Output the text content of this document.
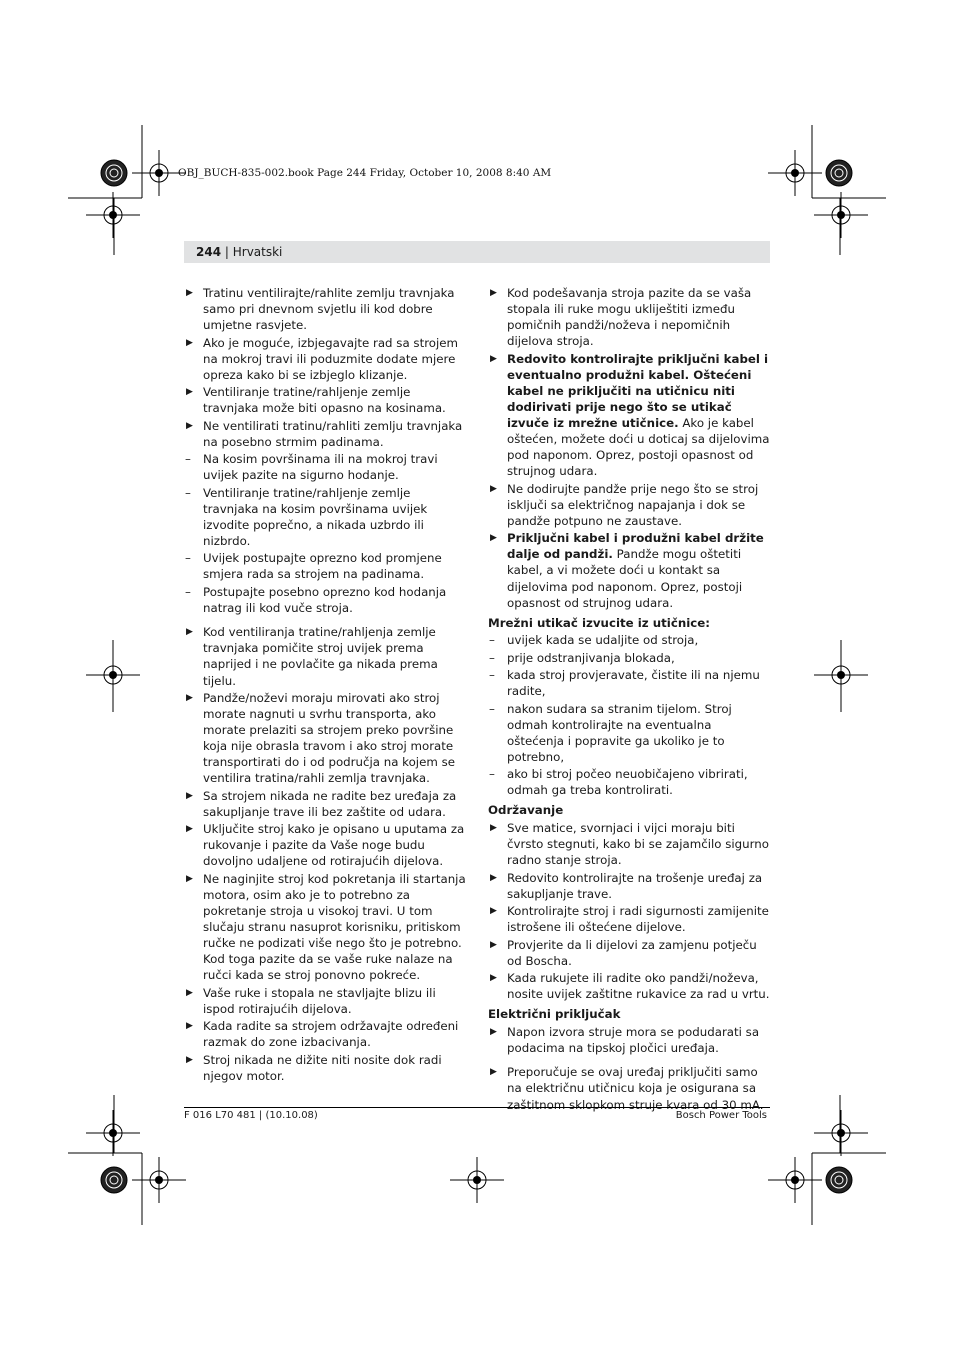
OBJ_BUCH-835-002.book Page 244 Friday, October 10, 2008 8:40 AM
244 | Hrvatski
▶ Tratinu ventilirajte/rahlite zemlju travnjaka samo pri dnevnom svjetlu ili kod dobre umjetne rasvjete.
▶ Ako je moguće, izbjegavajte rad sa strojem na mokroj travi ili poduzmite dodate mjere opreza kako bi se izbjeglo klizanje.
▶ Ventiliranje tratine/rahljenje zemlje travnjaka može biti opasno na kosinama.
▶ Ne ventilirati tratinu/rahliti zemlju travnjaka na posebno strmim padinama.
– Na kosim površinama ili na mokroj travi uvijek pazite na sigurno hodanje.
– Ventiliranje tratine/rahljenje zemlje travnjaka na kosim površinama uvijek izvodite poprečno, a nikada uzbrdo ili nizbrdo.
– Uvijek postupajte oprezno kod promjene smjera rada sa strojem na padinama.
– Postupajte posebno oprezno kod hodanja natrag ili kod vuče stroja.
▶ Kod ventiliranja tratine/rahljenja zemlje travnjaka pomičite stroj uvijek prema naprijed i ne povlačite ga nikada prema tijelu.
▶ Pandže/noževi moraju mirovati ako stroj morate nagnuti u svrhu transporta, ako morate prelaziti sa strojem preko površine koja nije obrasla travom i ako stroj morate transportirati do i od područja na kojem se ventilira tratina/rahli zemlja travnjaka.
▶ Sa strojem nikada ne radite bez uređaja za sakupljanje trave ili bez zaštite od udara.
▶ Uključite stroj kako je opisano u uputama za rukovanje i pazite da Vaše noge budu dovoljno udaljene od rotirajućih dijelova.
▶ Ne naginjite stroj kod pokretanja ili startanja motora, osim ako je to potrebno za pokretanje stroja u visokoj travi. U tom slučaju stranu nasuprot korisniku, pritiskom ručke ne podizati više nego što je potrebno. Kod toga pazite da se vaše ruke nalaze na ručci kada se stroj ponovno pokreće.
▶ Vaše ruke i stopala ne stavljajte blizu ili ispod rotirajućih dijelova.
▶ Kada radite sa strojem održavajte određeni razmak do zone izbacivanja.
▶ Stroj nikada ne dižite niti nosite dok radi njegov motor.
▶ Kod podešavanja stroja pazite da se vaša stopala ili ruke mogu ukliještiti između pomičnih pandži/noževa i nepomičnih dijelova stroja.
▶ Redovito kontrolirajte priključni kabel i eventualno produžni kabel. Oštećeni kabel ne priključiti na utičnicu niti dodirivati prije nego što se utikač izvuče iz mrežne utičnice. Ako je kabel oštećen, možete doći u doticaj sa dijelovima pod naponom. Oprez, postoji opasnost od strujnog udara.
▶ Ne dodirujte pandže prije nego što se stroj isključi sa električnog napajanja i dok se pandže potpuno ne zaustave.
▶ Priključni kabel i produžni kabel držite dalje od pandži. Pandže mogu oštetiti kabel, a vi možete doći u kontakt sa dijelovima pod naponom. Oprez, postoji opasnost od strujnog udara.
Mrežni utikač izvucite iz utičnice:
– uvijek kada se udaljite od stroja,
– prije odstranjivanja blokada,
– kada stroj provjeravate, čistite ili na njemu radite,
– nakon sudara sa stranim tijelom. Stroj odmah kontrolirajte na eventualna oštećenja i popravite ga ukoliko je to potrebno,
– ako bi stroj počeo neuobičajeno vibrirati, odmah ga treba kontrolirati.
Održavanje
▶ Sve matice, svornjaci i vijci moraju biti čvrsto stegnuti, kako bi se zajamčilo sigurno radno stanje stroja.
▶ Redovito kontrolirajte na trošenje uređaj za sakupljanje trave.
▶ Kontrolirajte stroj i radi sigurnosti zamijenite istrošene ili oštećene dijelove.
▶ Provjerite da li dijelovi za zamjenu potječu od Boscha.
▶ Kada rukujete ili radite oko pandži/noževa, nosite uvijek zaštitne rukavice za rad u vrtu.
Električni priključak
▶ Napon izvora struje mora se podudarati sa podacima na tipskoj pločici uređaja.
▶ Preporučuje se ovaj uređaj priključiti samo na električnu utičnicu koja je osigurana sa zaštitnom sklopkom struje kvara od 30 mA.
F 016 L70 481 | (10.10.08)	Bosch Power Tools
